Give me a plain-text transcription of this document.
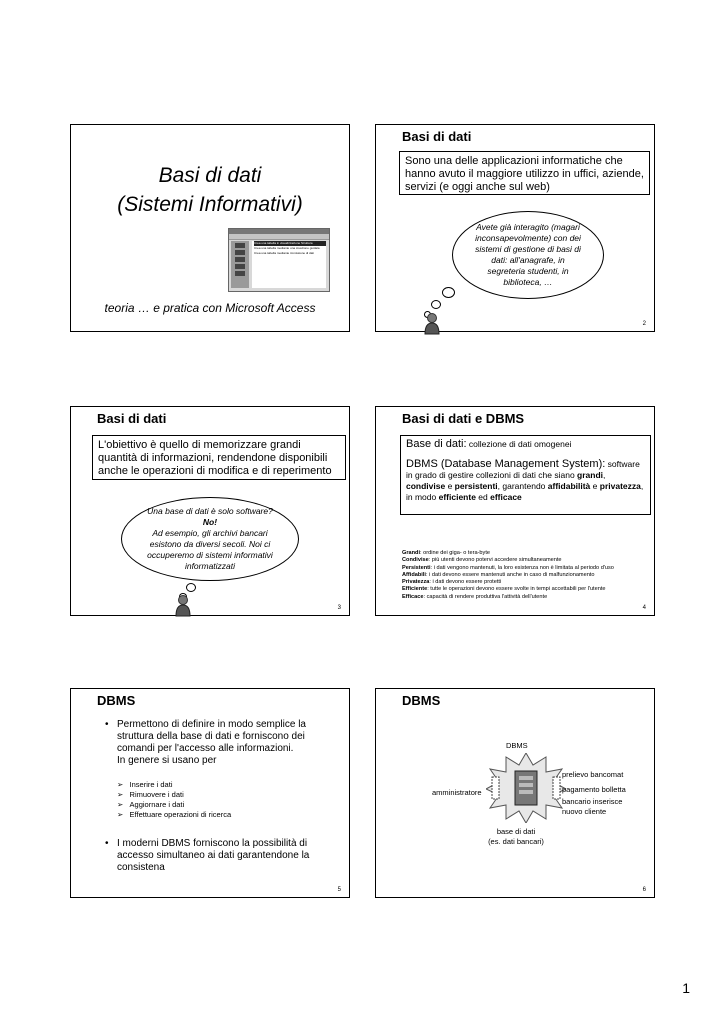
Basi di dati
(Sistemi Informativi)
Crea una tabella in visualizzazione Struttura
Crea una tabella mediante una creazione guidata
Crea una tabella mediante immissione di dati
teoria … e pratica con Microsoft Access
Basi di dati
Sono una delle applicazioni informatiche che hanno avuto il maggiore utilizzo in uffici, aziende, servizi (e oggi anche sul web)
Avete già interagito (magari inconsapevolmente) con dei sistemi di gestione di basi di dati: all'anagrafe, in segreteria studenti, in biblioteca, …
2
Basi di dati
L'obiettivo è quello di memorizzare grandi quantità di informazioni, rendendone disponibili anche le operazioni di modifica e di reperimento
Una base di dati è solo software?
No!
Ad esempio, gli archivi bancari esistono da diversi secoli. Noi ci occuperemo di sistemi informativi informatizzati
3
Basi di dati e DBMS
Base di dati: collezione di dati omogenei
DBMS (Database Management System): software in grado di gestire collezioni di dati che siano grandi, condivise e persistenti, garantendo affidabilità e privatezza, in modo efficiente ed efficace
Grandi: ordine dei giga- o tera-byte
Condivise: più utenti devono potervi accedere simultaneamente
Persistenti: i dati vengono mantenuti, la loro esistenza non è limitata al periodo d'uso
Affidabili: i dati devono essere mantenuti anche in caso di malfunzionamento
Privatezza: i dati devono essere protetti
Efficiente: tutte le operazioni devono essere svolte in tempi accettabili per l'utente
Efficace: capacità di rendere produttiva l'attività dell'utente
4
DBMS
• Permettono di definire in modo semplice la struttura della base di dati e forniscono dei comandi per l'accesso alle informazioni.
In genere si usano per
➢   Inserire i dati
➢   Rimuovere i dati
➢   Aggiornare i dati
➢   Effettuare operazioni di ricerca
• I moderni DBMS forniscono la possibilità di accesso simultaneo ai dati garantendone la consistena
5
DBMS
DBMS
amministratore
prelievo bancomat
pagamento bolletta
bancario inserisce nuovo cliente
base di dati
(es. dati bancari)
6
1
